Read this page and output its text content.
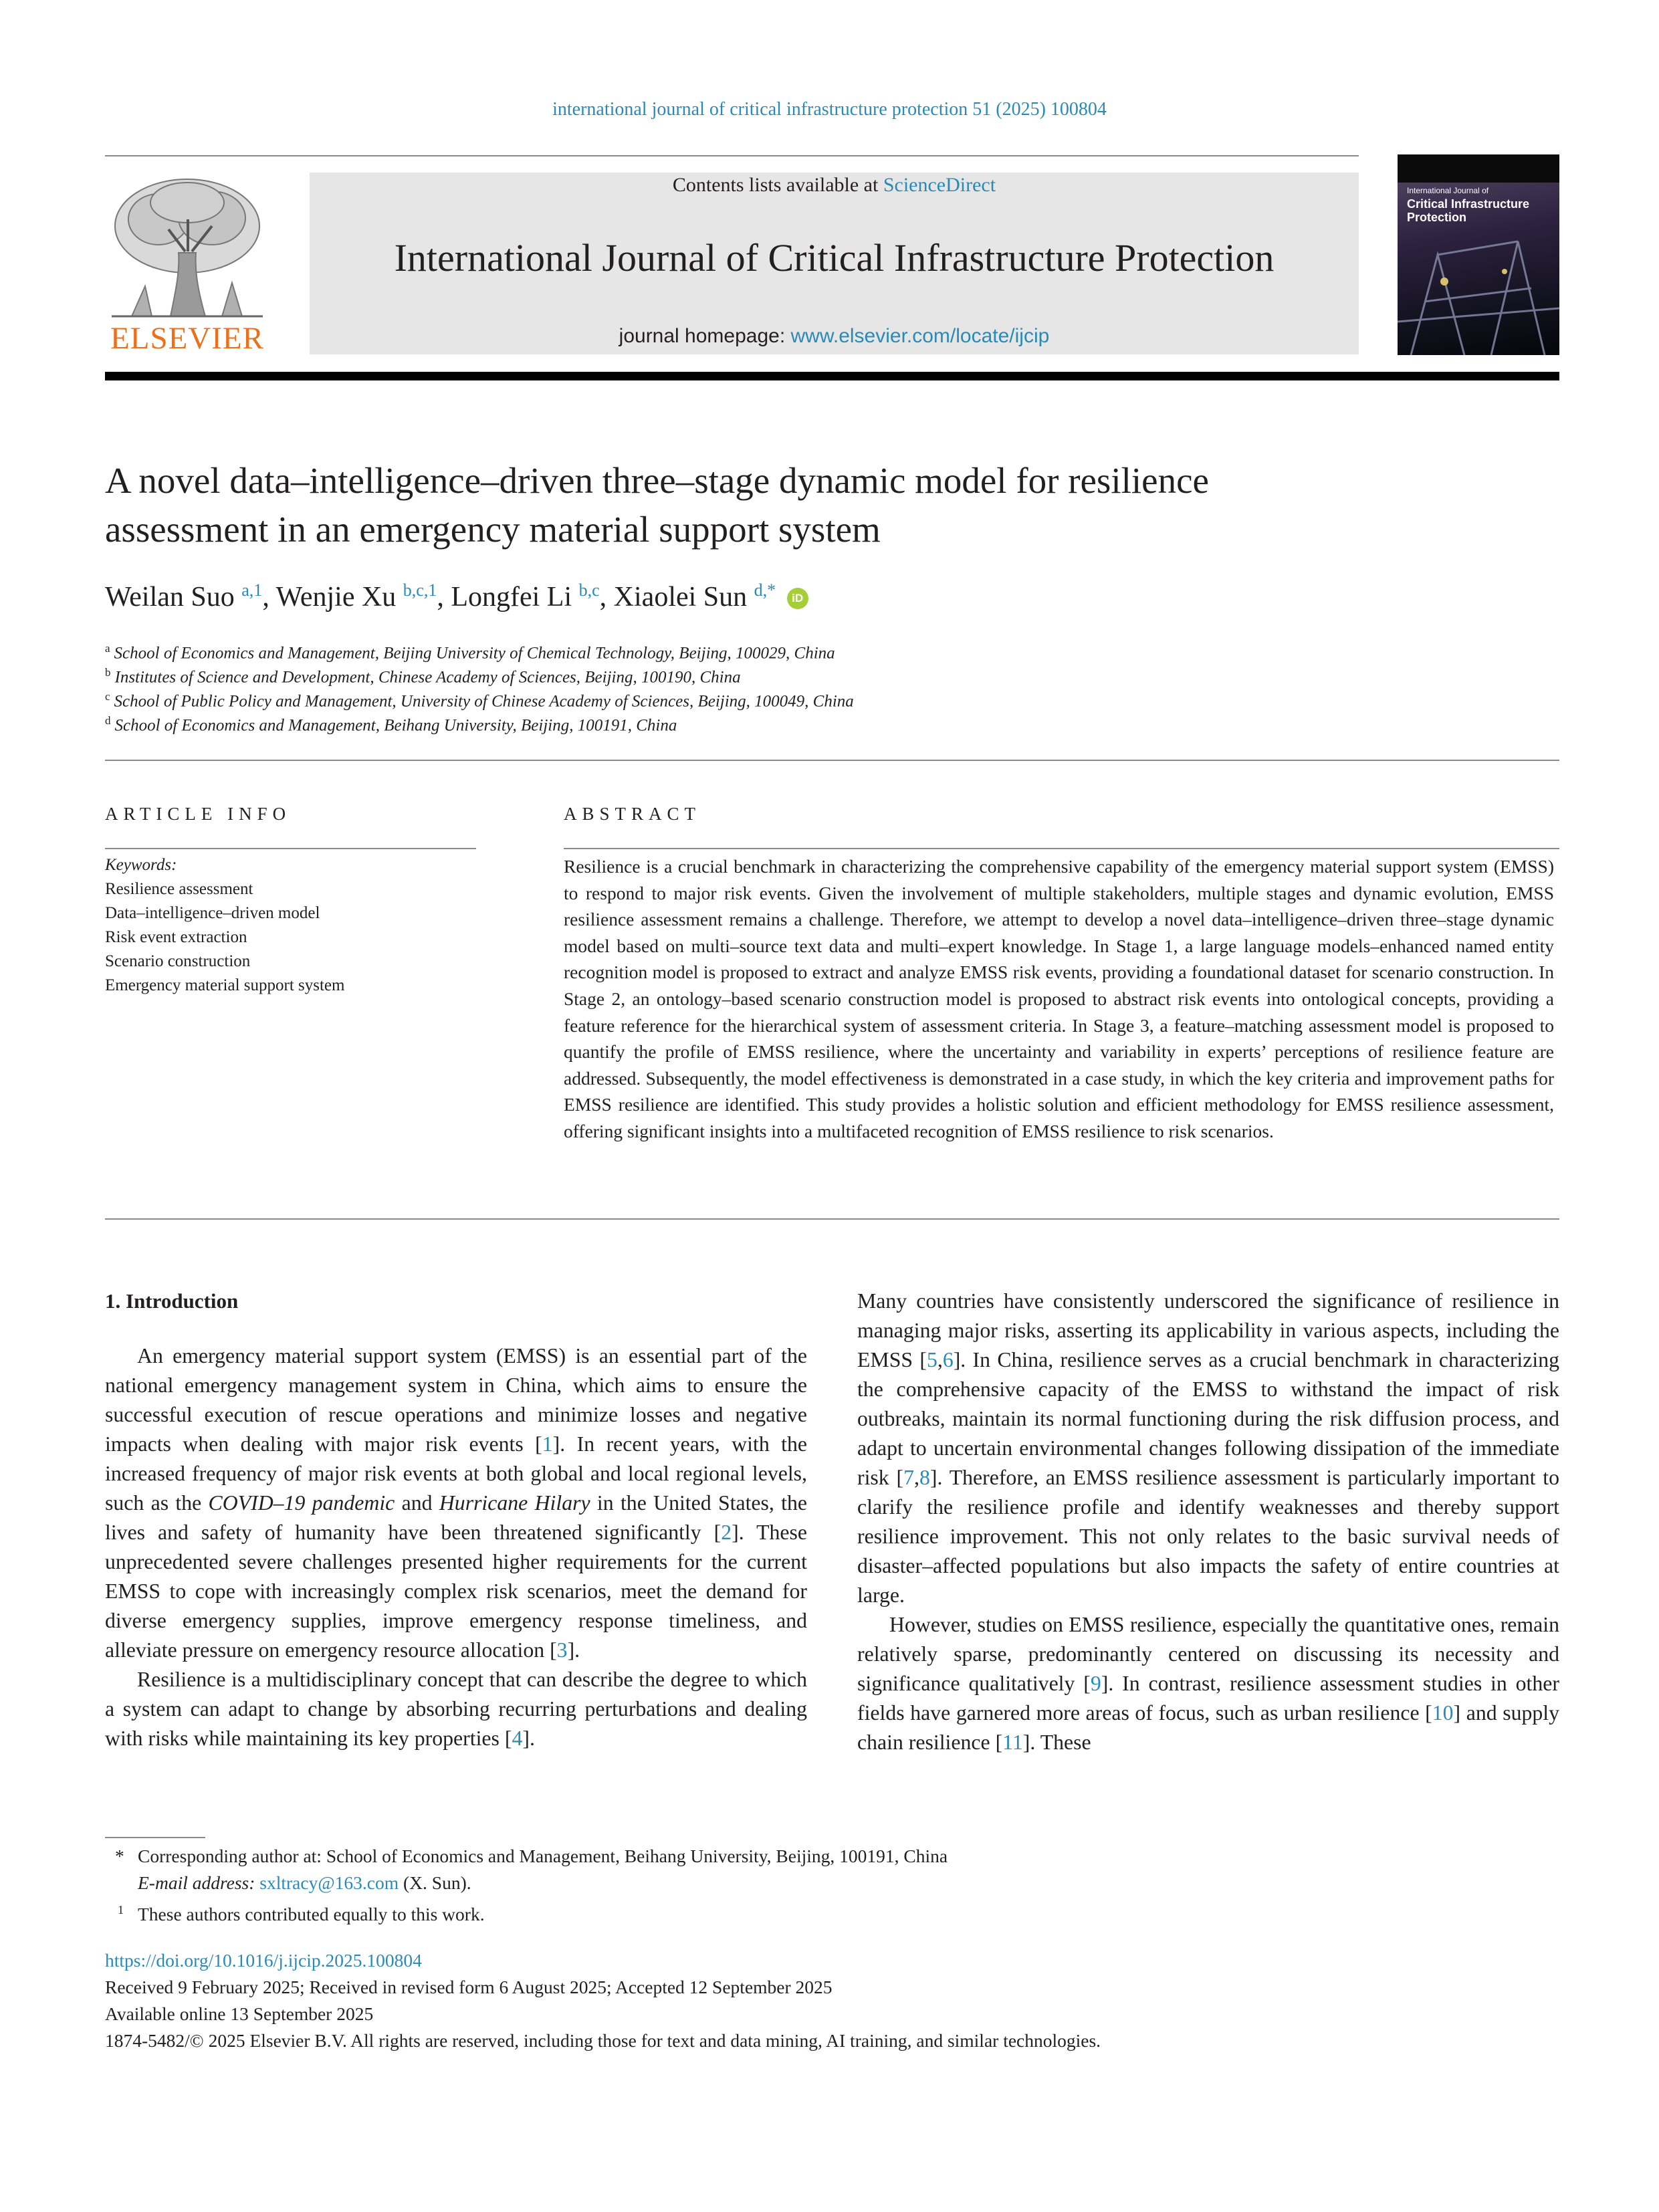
international journal of critical infrastructure protection 51 (2025) 100804
ELSEVIER
Contents lists available at ScienceDirect
International Journal of Critical Infrastructure Protection
journal homepage: www.elsevier.com/locate/ijcip
International Journal of
Critical Infrastructure
Protection
A novel data–intelligence–driven three–stage dynamic model for resilience
assessment in an emergency material support system
Weilan Suo $^{a,1}$, Wenjie Xu $^{b,c,1}$, Longfei Li $^{b,c}$, Xiaolei Sun $^{d,*}$ iD
$^a$ School of Economics and Management, Beijing University of Chemical Technology, Beijing, 100029, China
$^b$ Institutes of Science and Development, Chinese Academy of Sciences, Beijing, 100190, China
$^c$ School of Public Policy and Management, University of Chinese Academy of Sciences, Beijing, 100049, China
$^d$ School of Economics and Management, Beihang University, Beijing, 100191, China
ARTICLE INFO
Keywords:
Resilience assessment
Data–intelligence–driven model
Risk event extraction
Scenario construction
Emergency material support system
ABSTRACT
Resilience is a crucial benchmark in characterizing the comprehensive capability of the emergency material support system (EMSS) to respond to major risk events. Given the involvement of multiple stakeholders, multiple stages and dynamic evolution, EMSS resilience assessment remains a challenge. Therefore, we attempt to develop a novel data–intelligence–driven three–stage dynamic model based on multi–source text data and multi–expert knowledge. In Stage 1, a large language models–enhanced named entity recognition model is proposed to extract and analyze EMSS risk events, providing a foundational dataset for scenario construction. In Stage 2, an ontology–based scenario construction model is proposed to abstract risk events into ontological concepts, providing a feature reference for the hierarchical system of assessment criteria. In Stage 3, a feature–matching assessment model is proposed to quantify the profile of EMSS resilience, where the uncertainty and variability in experts’ perceptions of resilience feature are addressed. Subsequently, the model effectiveness is demonstrated in a case study, in which the key criteria and improvement paths for EMSS resilience are identified. This study provides a holistic solution and efficient methodology for EMSS resilience assessment, offering significant insights into a multifaceted recognition of EMSS resilience to risk scenarios.

1. Introduction

An emergency material support system (EMSS) is an essential part of the national emergency management system in China, which aims to ensure the successful execution of rescue operations and minimize losses and negative impacts when dealing with major risk events [1]. In recent years, with the increased frequency of major risk events at both global and local regional levels, such as the COVID–19 pandemic and Hurricane Hilary in the United States, the lives and safety of humanity have been threatened significantly [2]. These unprecedented severe challenges presented higher requirements for the current EMSS to cope with increasingly complex risk scenarios, meet the demand for diverse emergency supplies, improve emergency response timeliness, and alleviate pressure on emergency resource allocation [3].

Resilience is a multidisciplinary concept that can describe the degree to which a system can adapt to change by absorbing recurring perturbations and dealing with risks while maintaining its key properties [4].

Many countries have consistently underscored the significance of resilience in managing major risks, asserting its applicability in various aspects, including the EMSS [5,6]. In China, resilience serves as a crucial benchmark in characterizing the comprehensive capacity of the EMSS to withstand the impact of risk outbreaks, maintain its normal functioning during the risk diffusion process, and adapt to uncertain environmental changes following dissipation of the immediate risk [7,8]. Therefore, an EMSS resilience assessment is particularly important to clarify the resilience profile and identify weaknesses and thereby support resilience improvement. This not only relates to the basic survival needs of disaster–affected populations but also impacts the safety of entire countries at large.

However, studies on EMSS resilience, especially the quantitative ones, remain relatively sparse, predominantly centered on discussing its necessity and significance qualitatively [9]. In contrast, resilience assessment studies in other fields have garnered more areas of focus, such as urban resilience [10] and supply chain resilience [11]. These

* Corresponding author at: School of Economics and Management, Beihang University, Beijing, 100191, China
E-mail address: sxltracy@163.com (X. Sun).
$^1$ These authors contributed equally to this work.
https://doi.org/10.1016/j.ijcip.2025.100804
Received 9 February 2025; Received in revised form 6 August 2025; Accepted 12 September 2025
Available online 13 September 2025
1874-5482/© 2025 Elsevier B.V. All rights are reserved, including those for text and data mining, AI training, and similar technologies.
